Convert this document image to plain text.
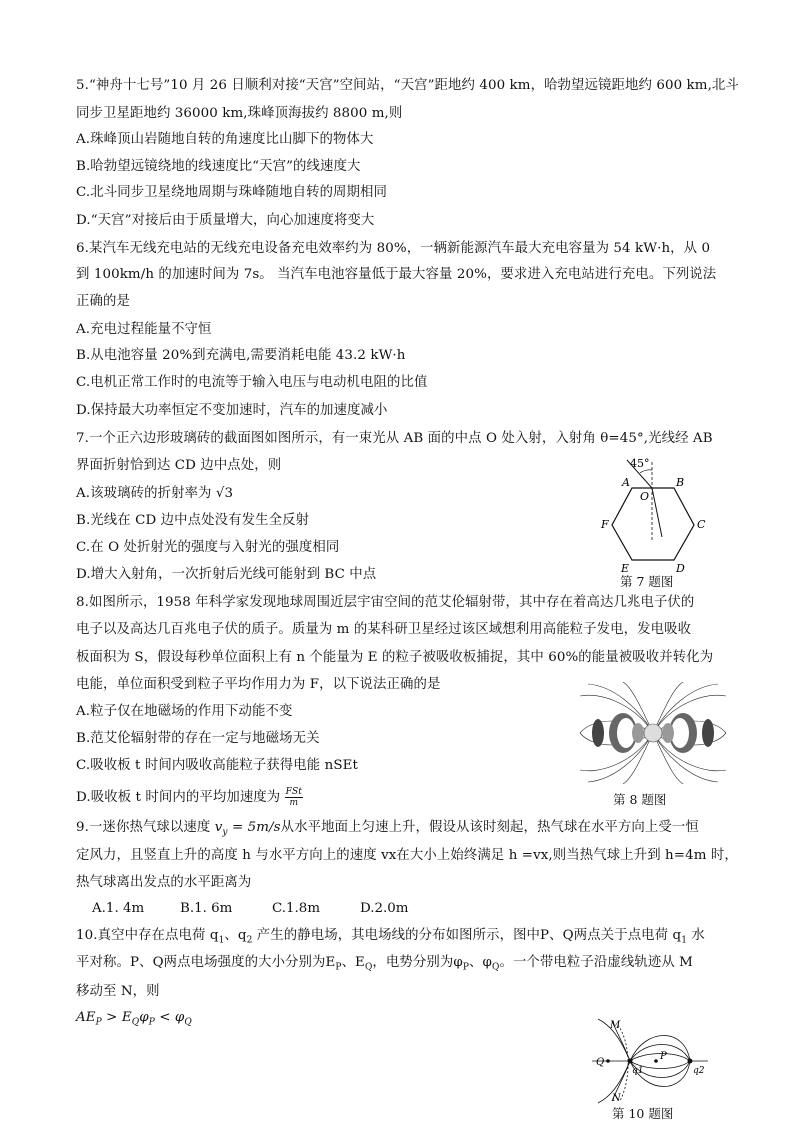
5.“神舟十七号”10 月 26 日顺利对接“天宫”空间站，“天宫”距地约 400 km，哈勃望远镜距地约 600 km,北斗
同步卫星距地约 36000 km,珠峰顶海拔约 8800 m,则
A.珠峰顶山岩随地自转的角速度比山脚下的物体大
B.哈勃望远镜绕地的线速度比“天宫”的线速度大
C.北斗同步卫星绕地周期与珠峰随地自转的周期相同
D.“天宫”对接后由于质量增大，向心加速度将变大
6.某汽车无线充电站的无线充电设备充电效率约为 80%，一辆新能源汽车最大充电容量为 54 kW·h，从 0
到 100km/h 的加速时间为 7s。 当汽车电池容量低于最大容量 20%，要求进入充电站进行充电。下列说法
正确的是
A.充电过程能量不守恒
B.从电池容量 20%到充满电,需要消耗电能 43.2 kW·h
C.电机正常工作时的电流等于输入电压与电动机电阻的比值
D.保持最大功率恒定不变加速时，汽车的加速度减小
7.一个正六边形玻璃砖的截面图如图所示，有一束光从 AB 面的中点 O 处入射，入射角 θ=45°,光线经 AB
界面折射恰到达 CD 边中点处，则
A.该玻璃砖的折射率为 √3
B.光线在 CD 边中点处没有发生全反射
C.在 O 处折射光的强度与入射光的强度相同
D.增大入射角，一次折射后光线可能射到 BC 中点
45°
A	B
C
D
E
F
O
第 7 题图
8.如图所示，1958 年科学家发现地球周围近层宇宙空间的范艾伦辐射带，其中存在着高达几兆电子伏的
电子以及高达几百兆电子伏的质子。质量为 m 的某科研卫星经过该区域想利用高能粒子发电，发电吸收
板面积为 S，假设每秒单位面积上有 n 个能量为 E 的粒子被吸收板捕捉，其中 60%的能量被吸收并转化为
电能，单位面积受到粒子平均作用力为 F，以下说法正确的是
A.粒子仅在地磁场的作用下动能不变
B.范艾伦辐射带的存在一定与地磁场无关
C.吸收板 t 时间内吸收高能粒子获得电能 nSEt
D.吸收板 t 时间内的平均加速度为 FSt
m	第 8 题图
9.一迷你热气球以速度 $v_y = 5m/s$从水平地面上匀速上升，假设从该时刻起，热气球在水平方向上受一恒
定风力，且竖直上升的高度 h 与水平方向上的速度 vx在大小上始终满足 h =vx,则当热气球上升到 h=4m 时，
热气球离出发点的水平距离为
A.1. 4m	B.1. 6m	C.1.8m	D.2.0m
10.真空中存在点电荷 $q_1$、$q_2$ 产生的静电场，其电场线的分布如图所示，图中P、Q两点关于点电荷 $q_1$ 水
平对称。P、Q两点电场强度的大小分别为$E_P$、$E_Q$，电势分别为$\varphi_P$、$\varphi_Q$。一个带电粒子沿虚线轨迹从 M
移动至 N，则
$AE_P > E_Q\varphi_P < \varphi_Q$	M
P
Q
N
q1	q2
第 10 题图
